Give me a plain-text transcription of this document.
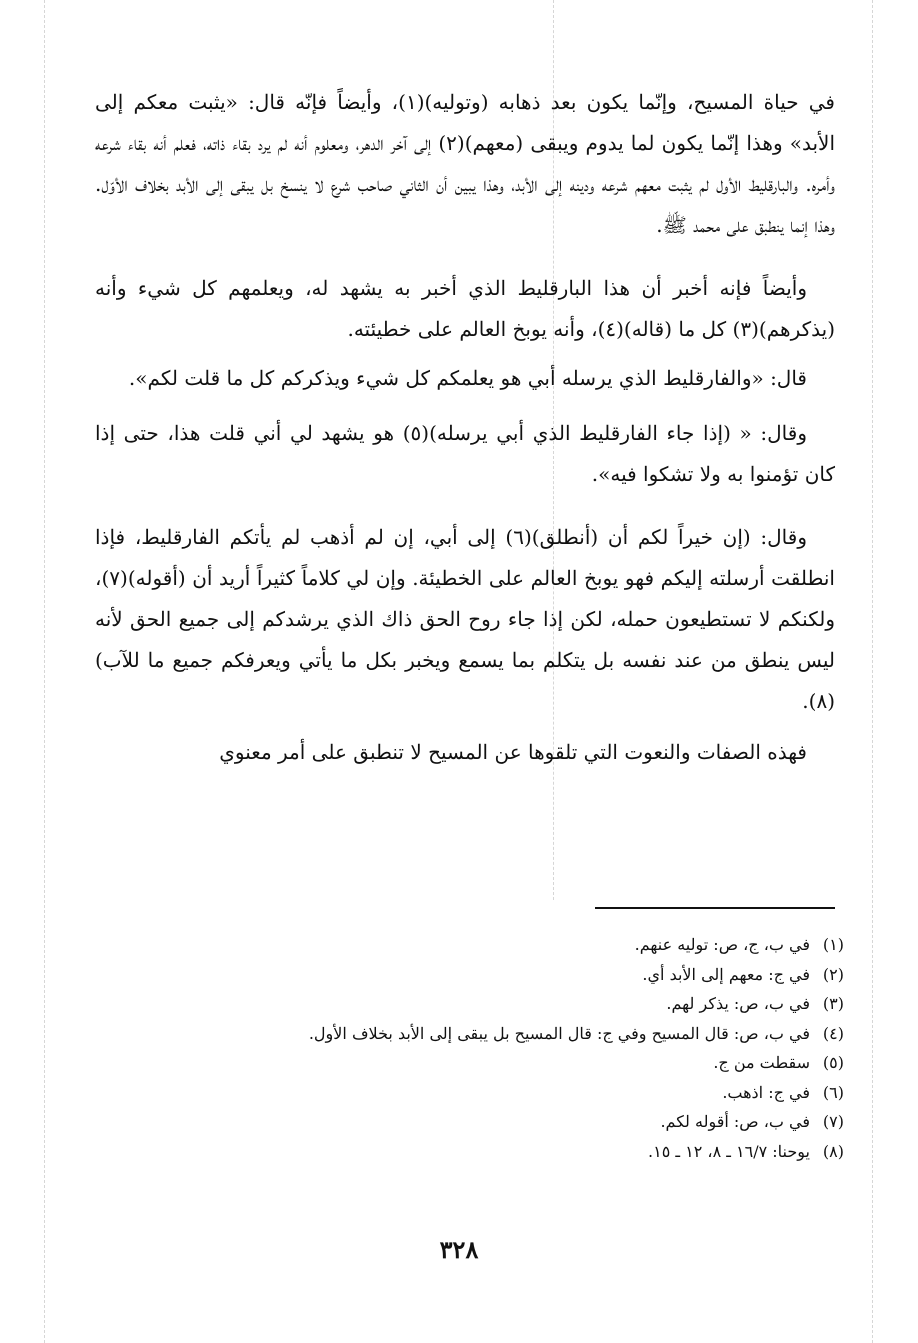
في حياة المسيح، وإنّما يكون بعد ذهابه (وتوليه)(١)، وأيضاً فإنّه قال: «يثبت معكم إلى الأبد» وهذا إنّما يكون لما يدوم ويبقى (معهم)(٢) إلى آخر الدهر، ومعلوم أنه لم يرد بقاء ذاته، فعلم أنه بقاء شرعه وأمره. والبارقليط الأول لم يثبت معهم شرعه ودينه إلى الأبد، وهذا يبين أن الثاني صاحب شرع لا ينسخ بل يبقى إلى الأبد بخلاف الأوّل. وهذا إنما ينطبق على محمد ﷺ.

وأيضاً فإنه أخبر أن هذا البارقليط الذي أخبر به يشهد له، ويعلمهم كل شيء وأنه (يذكرهم)(٣) كل ما (قاله)(٤)، وأنه يوبخ العالم على خطيئته.

قال: «والفارقليط الذي يرسله أبي هو يعلمكم كل شيء ويذكركم كل ما قلت لكم».

وقال: « (إذا جاء الفارقليط الذي أبي يرسله)(٥) هو يشهد لي أني قلت هذا، حتى إذا كان تؤمنوا به ولا تشكوا فيه».

وقال: (إن خيراً لكم أن (أنطلق)(٦) إلى أبي، إن لم أذهب لم يأتكم الفارقليط، فإذا انطلقت أرسلته إليكم فهو يوبخ العالم على الخطيئة. وإن لي كلاماً كثيراً أريد أن (أقوله)(٧)، ولكنكم لا تستطيعون حمله، لكن إذا جاء روح الحق ذاك الذي يرشدكم إلى جميع الحق لأنه ليس ينطق من عند نفسه بل يتكلم بما يسمع ويخبر بكل ما يأتي ويعرفكم جميع ما للآب)(٨).

فهذه الصفات والنعوت التي تلقوها عن المسيح لا تنطبق على أمر معنوي

(١)
في ب، ج، ص: توليه عنهم.
(٢)
في ج: معهم إلى الأبد أي.
(٣)
في ب، ص: يذكر لهم.
(٤)
في ب، ص: قال المسيح وفي ج: قال المسيح بل يبقى إلى الأبد بخلاف الأول.
(٥)
سقطت من ج.
(٦)
في ج: اذهب.
(٧)
في ب، ص: أقوله لكم.
(٨)
يوحنا: ١٦/٧ ـ ٨، ١٢ ـ ١٥.
٣٢٨
